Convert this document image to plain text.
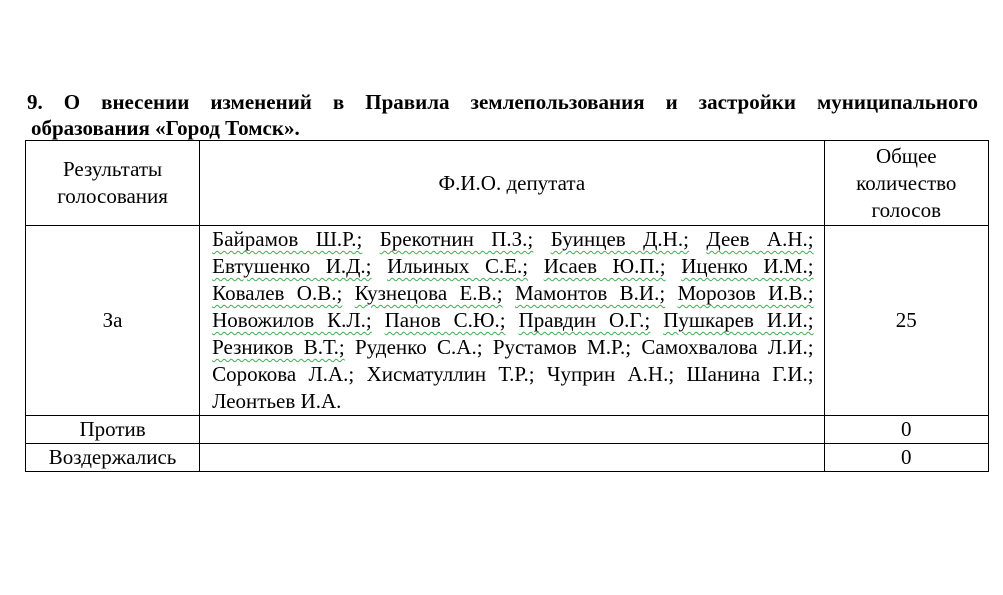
9. О внесении изменений в Правила землепользования и застройки муниципального
образования «Город Томск».
Результаты голосования	Ф.И.О. депутата	Общее количество голосов
За	Байрамов Ш.Р.; Брекотнин П.З.; Буинцев Д.Н.; Деев А.Н.; Евтушенко И.Д.; Ильиных С.Е.; Исаев Ю.П.; Иценко И.М.; Ковалев О.В.; Кузнецова Е.В.; Мамонтов В.И.; Морозов И.В.; Новожилов К.Л.; Панов С.Ю.; Правдин О.Г.; Пушкарев И.И.; Резников В.Т.; Руденко С.А.; Рустамов М.Р.; Самохвалова Л.И.; Сорокова Л.А.; Хисматуллин Т.Р.; Чуприн А.Н.; Шанина Г.И.; Леонтьев И.А.	25
Против		0
Воздержались		0
